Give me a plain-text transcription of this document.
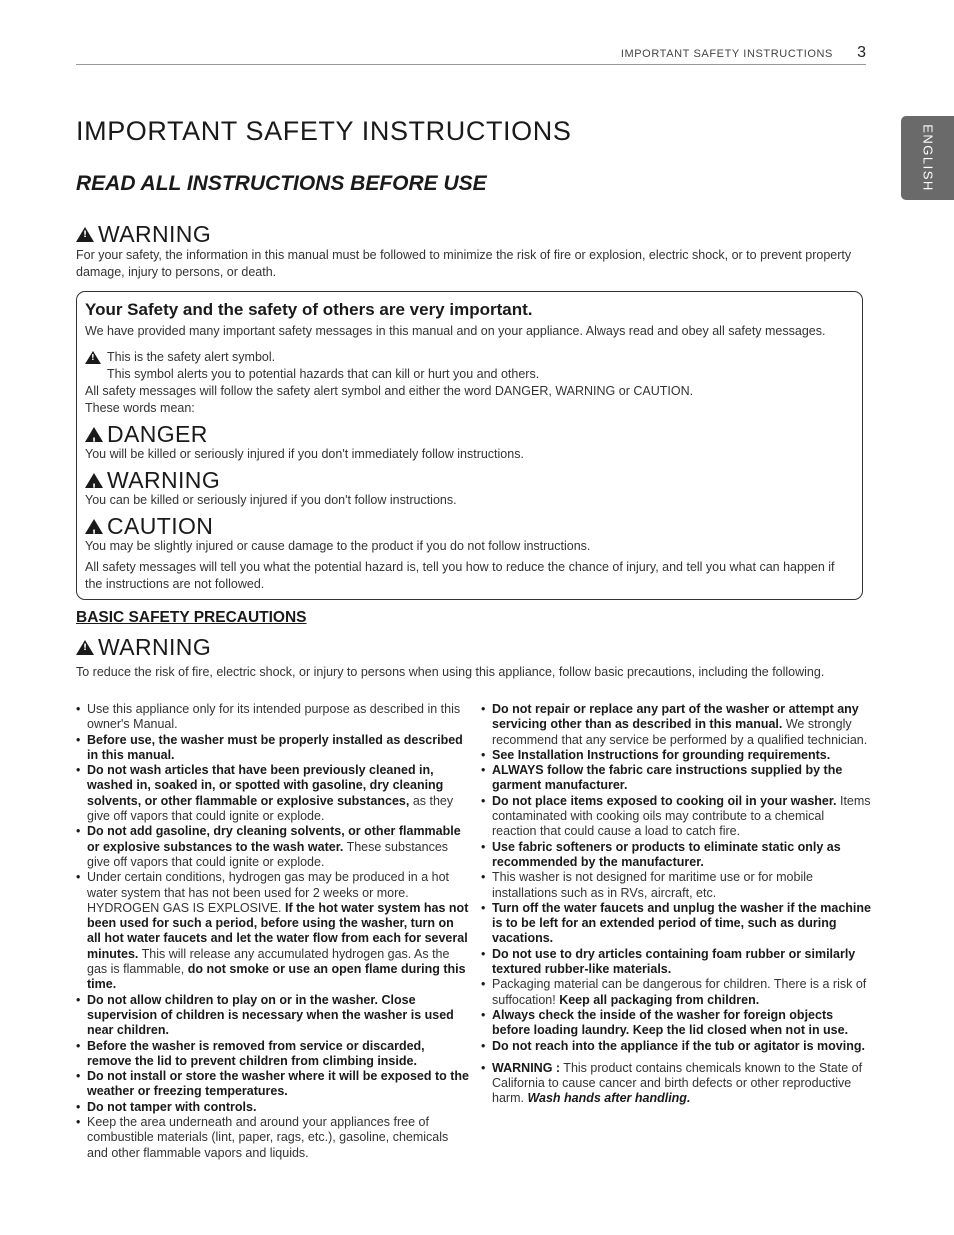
IMPORTANT SAFETY INSTRUCTIONS 3
ENGLISH
IMPORTANT SAFETY INSTRUCTIONS
READ ALL INSTRUCTIONS BEFORE USE
!
WARNING

For your safety, the information in this manual must be followed to minimize the risk of fire or explosion, electric shock, or to prevent property damage, injury to persons, or death.

Your Safety and the safety of others are very important.

We have provided many important safety messages in this manual and on your appliance. Always read and obey all safety messages.

!

This is the safety alert symbol.

This symbol alerts you to potential hazards that can kill or hurt you and others.

All safety messages will follow the safety alert symbol and either the word DANGER, WARNING or CAUTION.

These words mean:

!
DANGER

You will be killed or seriously injured if you don't immediately follow instructions.

!
WARNING

You can be killed or seriously injured if you don't follow instructions.

!
CAUTION

You may be slightly injured or cause damage to the product if you do not follow instructions.

All safety messages will tell you what the potential hazard is, tell you how to reduce the chance of injury, and tell you what can happen if the instructions are not followed.

BASIC SAFETY PRECAUTIONS
!
WARNING

To reduce the risk of fire, electric shock, or injury to persons when using this appliance, follow basic precautions, including the following.

• Use this appliance only for its intended purpose as described in this owner's Manual.
• Before use, the washer must be properly installed as described in this manual.
• Do not wash articles that have been previously cleaned in, washed in, soaked in, or spotted with gasoline, dry cleaning solvents, or other flammable or explosive substances, as they give off vapors that could ignite or explode.
• Do not add gasoline, dry cleaning solvents, or other flammable or explosive substances to the wash water. These substances give off vapors that could ignite or explode.
• Under certain conditions, hydrogen gas may be produced in a hot water system that has not been used for 2 weeks or more. HYDROGEN GAS IS EXPLOSIVE. If the hot water system has not been used for such a period, before using the washer, turn on all hot water faucets and let the water flow from each for several minutes. This will release any accumulated hydrogen gas. As the gas is flammable, do not smoke or use an open flame during this time.
• Do not allow children to play on or in the washer. Close supervision of children is necessary when the washer is used near children.
• Before the washer is removed from service or discarded, remove the lid to prevent children from climbing inside.
• Do not install or store the washer where it will be exposed to the weather or freezing temperatures.
• Do not tamper with controls.
• Keep the area underneath and around your appliances free of combustible materials (lint, paper, rags, etc.), gasoline, chemicals and other flammable vapors and liquids.
• Do not repair or replace any part of the washer or attempt any servicing other than as described in this manual. We strongly recommend that any service be performed by a qualified technician.
• See Installation Instructions for grounding requirements.
• ALWAYS follow the fabric care instructions supplied by the garment manufacturer.
• Do not place items exposed to cooking oil in your washer. Items contaminated with cooking oils may contribute to a chemical reaction that could cause a load to catch fire.
• Use fabric softeners or products to eliminate static only as recommended by the manufacturer.
• This washer is not designed for maritime use or for mobile installations such as in RVs, aircraft, etc.
• Turn off the water faucets and unplug the washer if the machine is to be left for an extended period of time, such as during vacations.
• Do not use to dry articles containing foam rubber or similarly textured rubber-like materials.
• Packaging material can be dangerous for children. There is a risk of suffocation! Keep all packaging from children.
• Always check the inside of the washer for foreign objects before loading laundry. Keep the lid closed when not in use.
• Do not reach into the appliance if the tub or agitator is moving.
• WARNING : This product contains chemicals known to the State of California to cause cancer and birth defects or other reproductive harm. Wash hands after handling.
